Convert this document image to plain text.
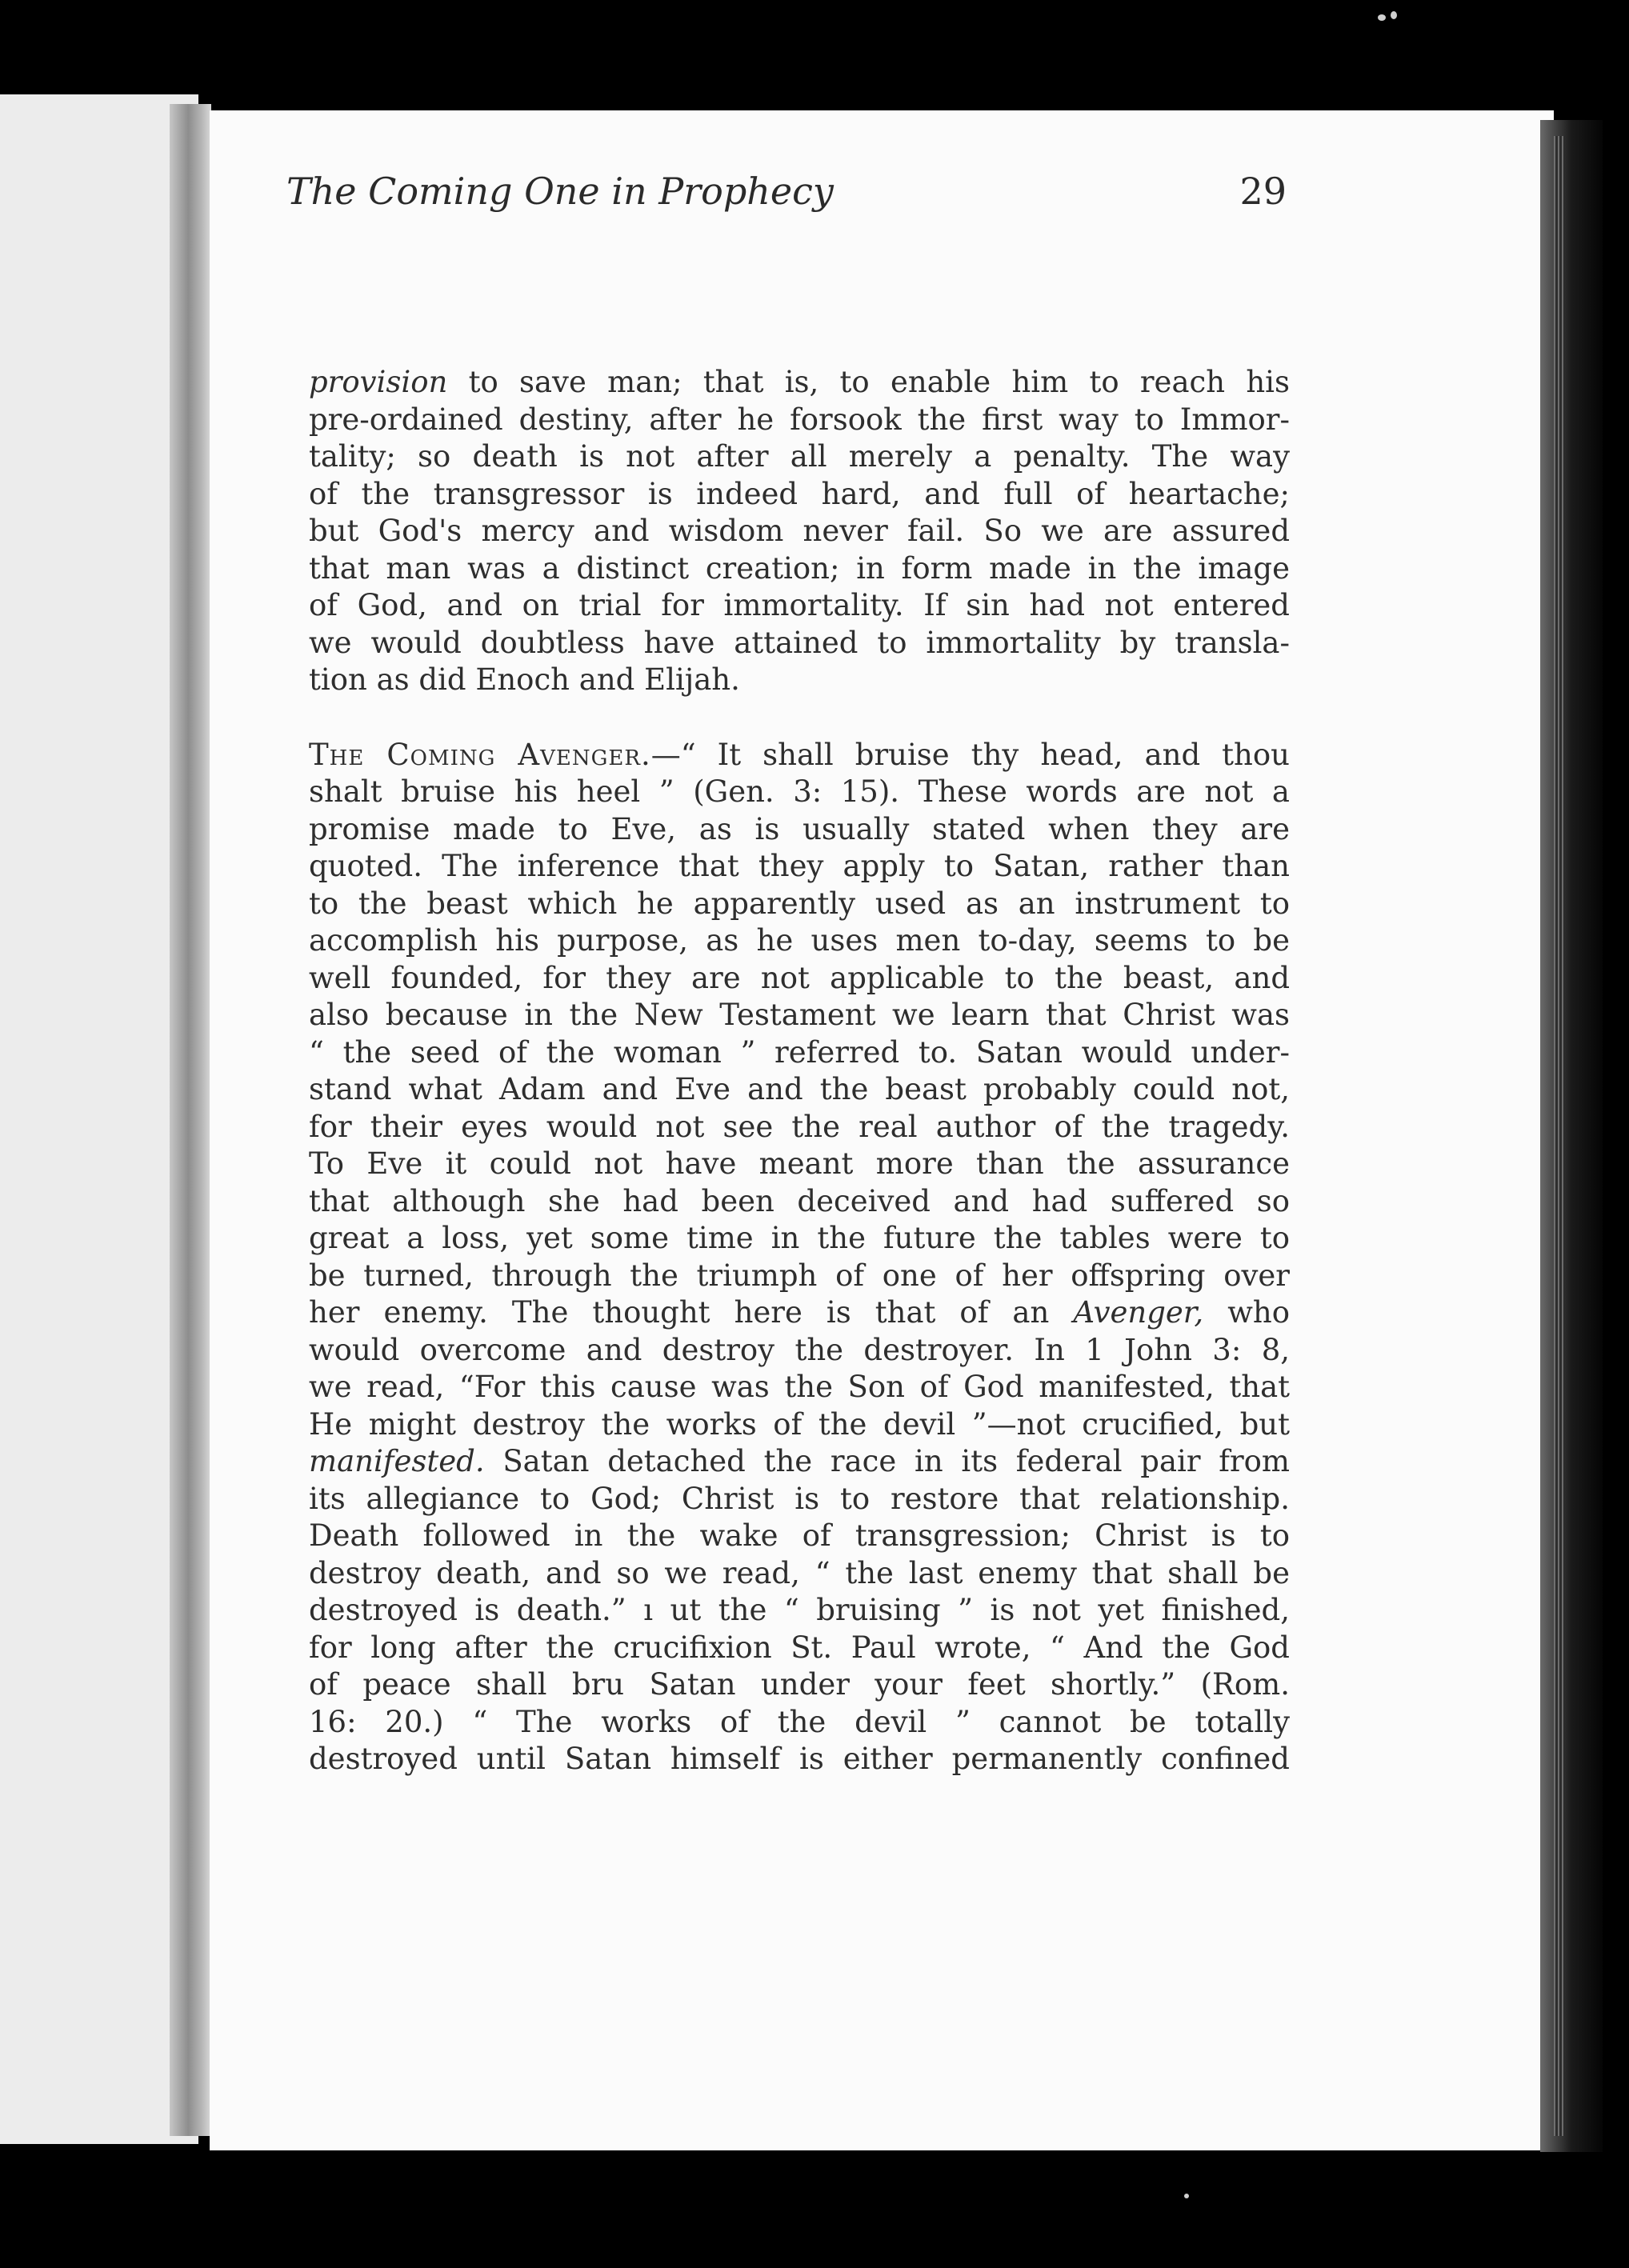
The Coming One in Prophecy	29
provision to save man; that is, to enable him to reach his
pre-ordained destiny, after he forsook the first way to Immor-
tality; so death is not after all merely a penalty. The way
of the transgressor is indeed hard, and full of heartache;
but God's mercy and wisdom never fail. So we are assured
that man was a distinct creation; in form made in the image
of God, and on trial for immortality. If sin had not entered
we would doubtless have attained to immortality by transla-
tion as did Enoch and Elijah.
The Coming Avenger.—“ It shall bruise thy head, and thou
shalt bruise his heel ” (Gen. 3: 15). These words are not a
promise made to Eve, as is usually stated when they are
quoted. The inference that they apply to Satan, rather than
to the beast which he apparently used as an instrument to
accomplish his purpose, as he uses men to-day, seems to be
well founded, for they are not applicable to the beast, and
also because in the New Testament we learn that Christ was
“ the seed of the woman ” referred to. Satan would under-
stand what Adam and Eve and the beast probably could not,
for their eyes would not see the real author of the tragedy.
To Eve it could not have meant more than the assurance
that although she had been deceived and had suffered so
great a loss, yet some time in the future the tables were to
be turned, through the triumph of one of her offspring over
her enemy. The thought here is that of an Avenger, who
would overcome and destroy the destroyer. In 1 John 3: 8,
we read, “For this cause was the Son of God manifested, that
He might destroy the works of the devil ”—not crucified, but
manifested. Satan detached the race in its federal pair from
its allegiance to God; Christ is to restore that relationship.
Death followed in the wake of transgression; Christ is to
destroy death, and so we read, “ the last enemy that shall be
destroyed is death.” ı ut the “ bruising ” is not yet finished,
for long after the crucifixion St. Paul wrote, “ And the God
of peace shall bru Satan under your feet shortly.” (Rom.
16: 20.) “ The works of the devil ” cannot be totally
destroyed until Satan himself is either permanently confined
